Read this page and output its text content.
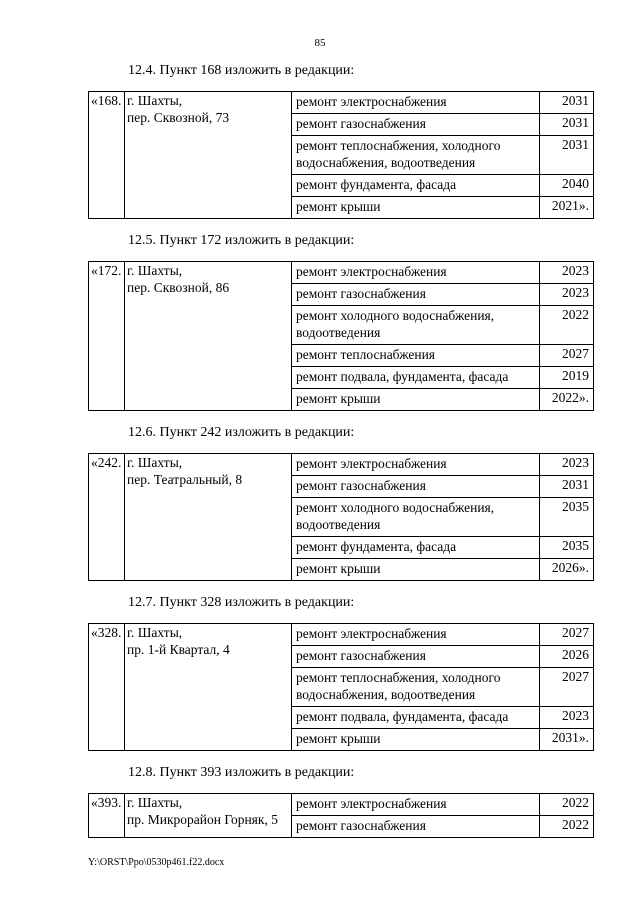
85
12.4. Пункт 168 изложить в редакции:
«168.	г. Шахты,
пер. Сквозной, 73	ремонт электроснабжения	2031

		ремонт газоснабжения	2031

		ремонт теплоснабжения, холодного
водоснабжения, водоотведения	2031

		ремонт фундамента, фасада	2040

		ремонт крыши	2021».
12.5. Пункт 172 изложить в редакции:
«172.	г. Шахты,
пер. Сквозной, 86	ремонт электроснабжения	2023

		ремонт газоснабжения	2023

		ремонт холодного водоснабжения,
водоотведения	2022

		ремонт теплоснабжения	2027

		ремонт подвала, фундамента, фасада	2019

		ремонт крыши	2022».
12.6. Пункт 242 изложить в редакции:
«242.	г. Шахты,
пер. Театральный, 8	ремонт электроснабжения	2023

		ремонт газоснабжения	2031

		ремонт холодного водоснабжения,
водоотведения	2035

		ремонт фундамента, фасада	2035

		ремонт крыши	2026».
12.7. Пункт 328 изложить в редакции:
«328.	г. Шахты,
пр. 1-й Квартал, 4	ремонт электроснабжения	2027

		ремонт газоснабжения	2026

		ремонт теплоснабжения, холодного
водоснабжения, водоотведения	2027

		ремонт подвала, фундамента, фасада	2023

		ремонт крыши	2031».
12.8. Пункт 393 изложить в редакции:
«393.	г. Шахты,
пр. Микрорайон Горняк, 5	ремонт электроснабжения	2022

		ремонт газоснабжения	2022
Y:\ORST\Ppo\0530p461.f22.docx
